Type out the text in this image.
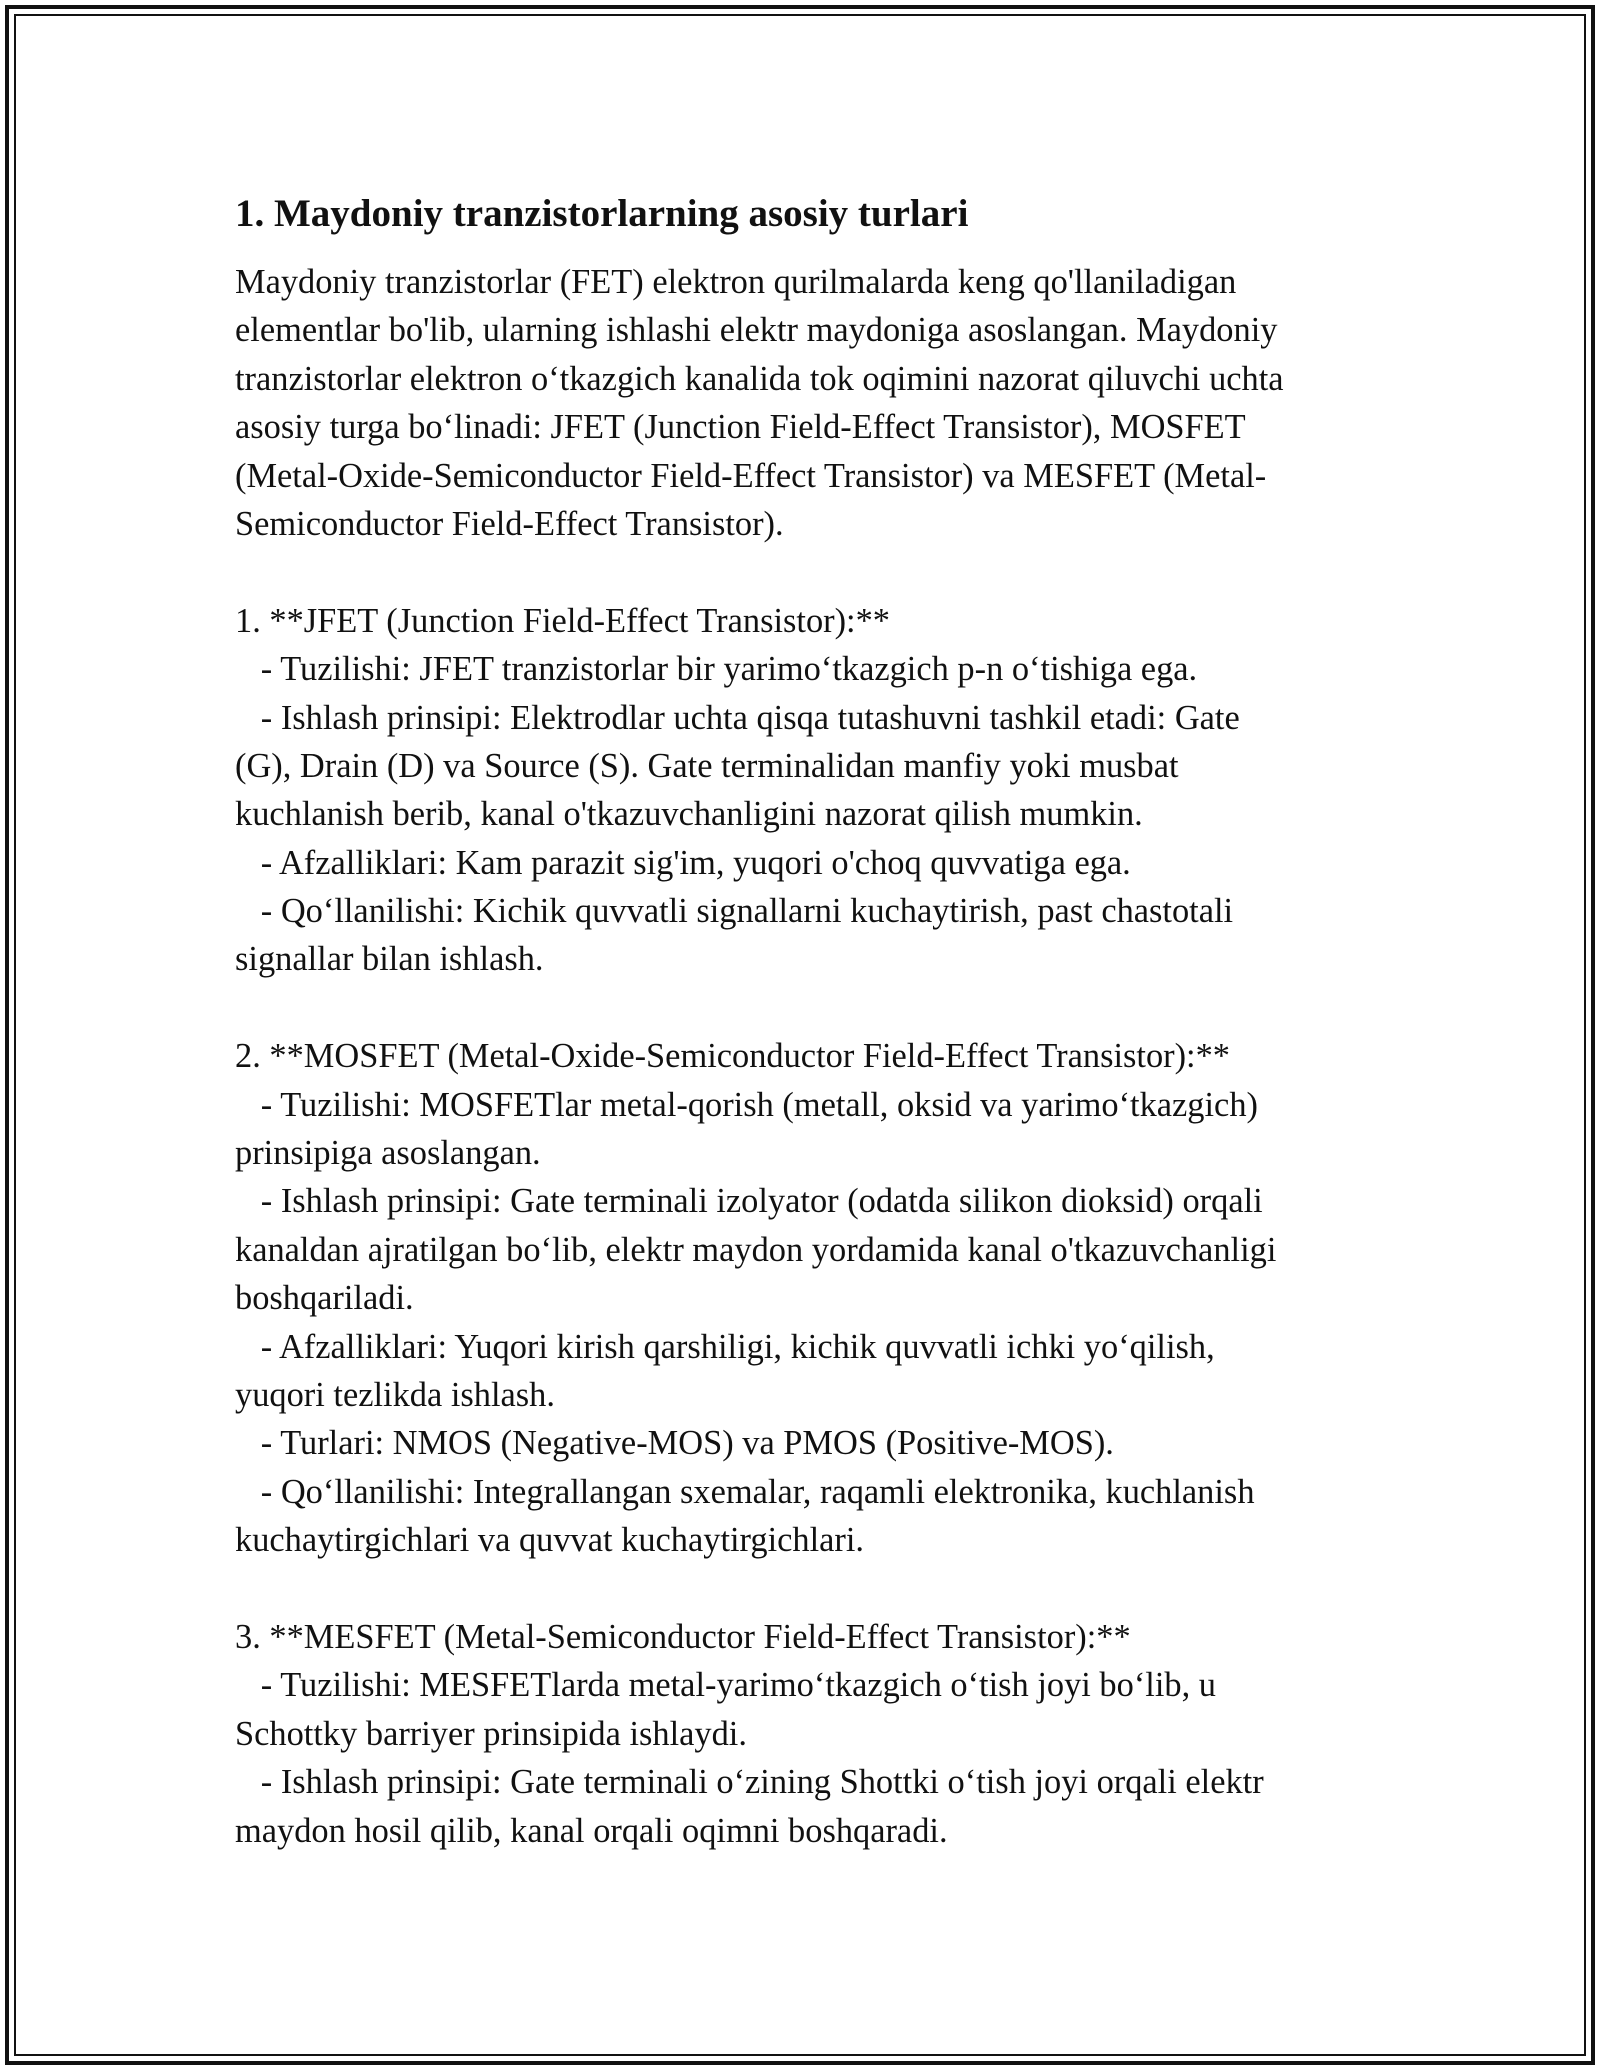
1. Maydoniy tranzistorlarning asosiy turlari

Maydoniy tranzistorlar (FET) elektron qurilmalarda keng qo'llaniladigan

elementlar bo'lib, ularning ishlashi elektr maydoniga asoslangan. Maydoniy

tranzistorlar elektron o‘tkazgich kanalida tok oqimini nazorat qiluvchi uchta

asosiy turga bo‘linadi: JFET (Junction Field-Effect Transistor), MOSFET

(Metal-Oxide-Semiconductor Field-Effect Transistor) va MESFET (Metal-

Semiconductor Field-Effect Transistor).

1. **JFET (Junction Field-Effect Transistor):**

- Tuzilishi: JFET tranzistorlar bir yarimo‘tkazgich p-n o‘tishiga ega.

- Ishlash prinsipi: Elektrodlar uchta qisqa tutashuvni tashkil etadi: Gate

(G), Drain (D) va Source (S). Gate terminalidan manfiy yoki musbat

kuchlanish berib, kanal o'tkazuvchanligini nazorat qilish mumkin.

- Afzalliklari: Kam parazit sig'im, yuqori o'choq quvvatiga ega.

- Qo‘llanilishi: Kichik quvvatli signallarni kuchaytirish, past chastotali

signallar bilan ishlash.

2. **MOSFET (Metal-Oxide-Semiconductor Field-Effect Transistor):**

- Tuzilishi: MOSFETlar metal-qorish (metall, oksid va yarimo‘tkazgich)

prinsipiga asoslangan.

- Ishlash prinsipi: Gate terminali izolyator (odatda silikon dioksid) orqali

kanaldan ajratilgan bo‘lib, elektr maydon yordamida kanal o'tkazuvchanligi

boshqariladi.

- Afzalliklari: Yuqori kirish qarshiligi, kichik quvvatli ichki yo‘qilish,

yuqori tezlikda ishlash.

- Turlari: NMOS (Negative-MOS) va PMOS (Positive-MOS).

- Qo‘llanilishi: Integrallangan sxemalar, raqamli elektronika, kuchlanish

kuchaytirgichlari va quvvat kuchaytirgichlari.

3. **MESFET (Metal-Semiconductor Field-Effect Transistor):**

- Tuzilishi: MESFETlarda metal-yarimo‘tkazgich o‘tish joyi bo‘lib, u

Schottky barriyer prinsipida ishlaydi.

- Ishlash prinsipi: Gate terminali o‘zining Shottki o‘tish joyi orqali elektr

maydon hosil qilib, kanal orqali oqimni boshqaradi.
